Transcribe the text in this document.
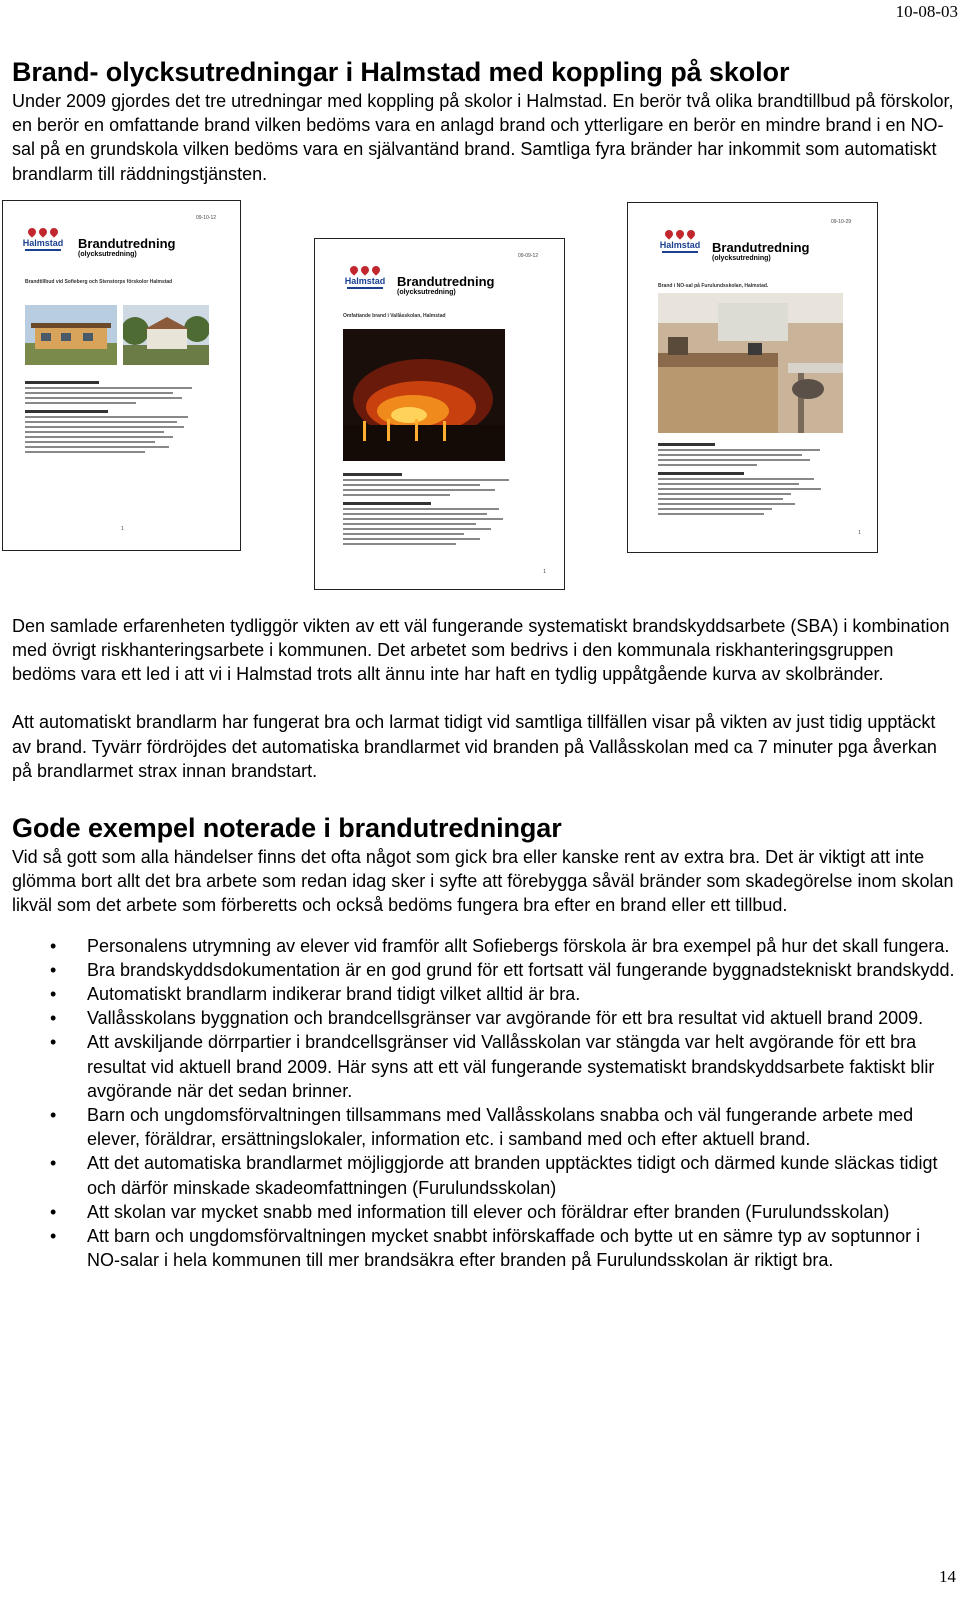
10-08-03
Brand- olycksutredningar i Halmstad med koppling på skolor

Under 2009 gjordes det tre utredningar med koppling på skolor i Halmstad. En berör två olika brandtillbud på förskolor, en berör en omfattande brand vilken bedöms vara en anlagd brand och ytterligare en berör en mindre brand i en NO-sal på en grundskola vilken bedöms vara en självantänd brand. Samtliga fyra bränder har inkommit som automatiskt brandlarm till räddningstjänsten.

09-10-12
Halmstad Brandutredning
(olycksutredning)
Brandtillbud vid Sofieberg och Stenstorps förskolor Halmstad
1
09-09-12
Halmstad Brandutredning
(olycksutredning)
Omfattande brand i Vallåsskolan, Halmstad
1
09-10-29
Halmstad Brandutredning
(olycksutredning)
Brand i NO-sal på Furulundsskolan, Halmstad.
1

Den samlade erfarenheten tydliggör vikten av ett väl fungerande systematiskt brandskyddsarbete (SBA) i kombination med övrigt riskhanteringsarbete i kommunen. Det arbetet som bedrivs i den kommunala riskhanteringsgruppen bedöms vara ett led i att vi i Halmstad trots allt ännu inte har haft en tydlig uppåtgående kurva av skolbränder.

Att automatiskt brandlarm har fungerat bra och larmat tidigt vid samtliga tillfällen visar på vikten av just tidig upptäckt av brand. Tyvärr fördröjdes det automatiska brandlarmet vid branden på Vallåsskolan med ca 7 minuter pga åverkan på brandlarmet strax innan brandstart.

Gode exempel noterade i brandutredningar

Vid så gott som alla händelser finns det ofta något som gick bra eller kanske rent av extra bra. Det är viktigt att inte glömma bort allt det bra arbete som redan idag sker i syfte att förebygga såväl bränder som skadegörelse inom skolan likväl som det arbete som förberetts och också bedöms fungera bra efter en brand eller ett tillbud.

• Personalens utrymning av elever vid framför allt Sofiebergs förskola är bra exempel på hur det skall fungera.
• Bra brandskyddsdokumentation är en god grund för ett fortsatt väl fungerande byggnadstekniskt brandskydd.
• Automatiskt brandlarm indikerar brand tidigt vilket alltid är bra.
• Vallåsskolans byggnation och brandcellsgränser var avgörande för ett bra resultat vid aktuell brand 2009.
• Att avskiljande dörrpartier i brandcellsgränser vid Vallåsskolan var stängda var helt avgörande för ett bra resultat vid aktuell brand 2009. Här syns att ett väl fungerande systematiskt brandskyddsarbete faktiskt blir avgörande när det sedan brinner.
• Barn och ungdomsförvaltningen tillsammans med Vallåsskolans snabba och väl fungerande arbete med elever, föräldrar, ersättningslokaler, information etc. i samband med och efter aktuell brand.
• Att det automatiska brandlarmet möjliggjorde att branden upptäcktes tidigt och därmed kunde släckas tidigt och därför minskade skadeomfattningen (Furulundsskolan)
• Att skolan var mycket snabb med information till elever och föräldrar efter branden (Furulundsskolan)
• Att barn och ungdomsförvaltningen mycket snabbt införskaffade och bytte ut en sämre typ av soptunnor i NO-salar i hela kommunen till mer brandsäkra efter branden på Furulundsskolan är riktigt bra.
14
